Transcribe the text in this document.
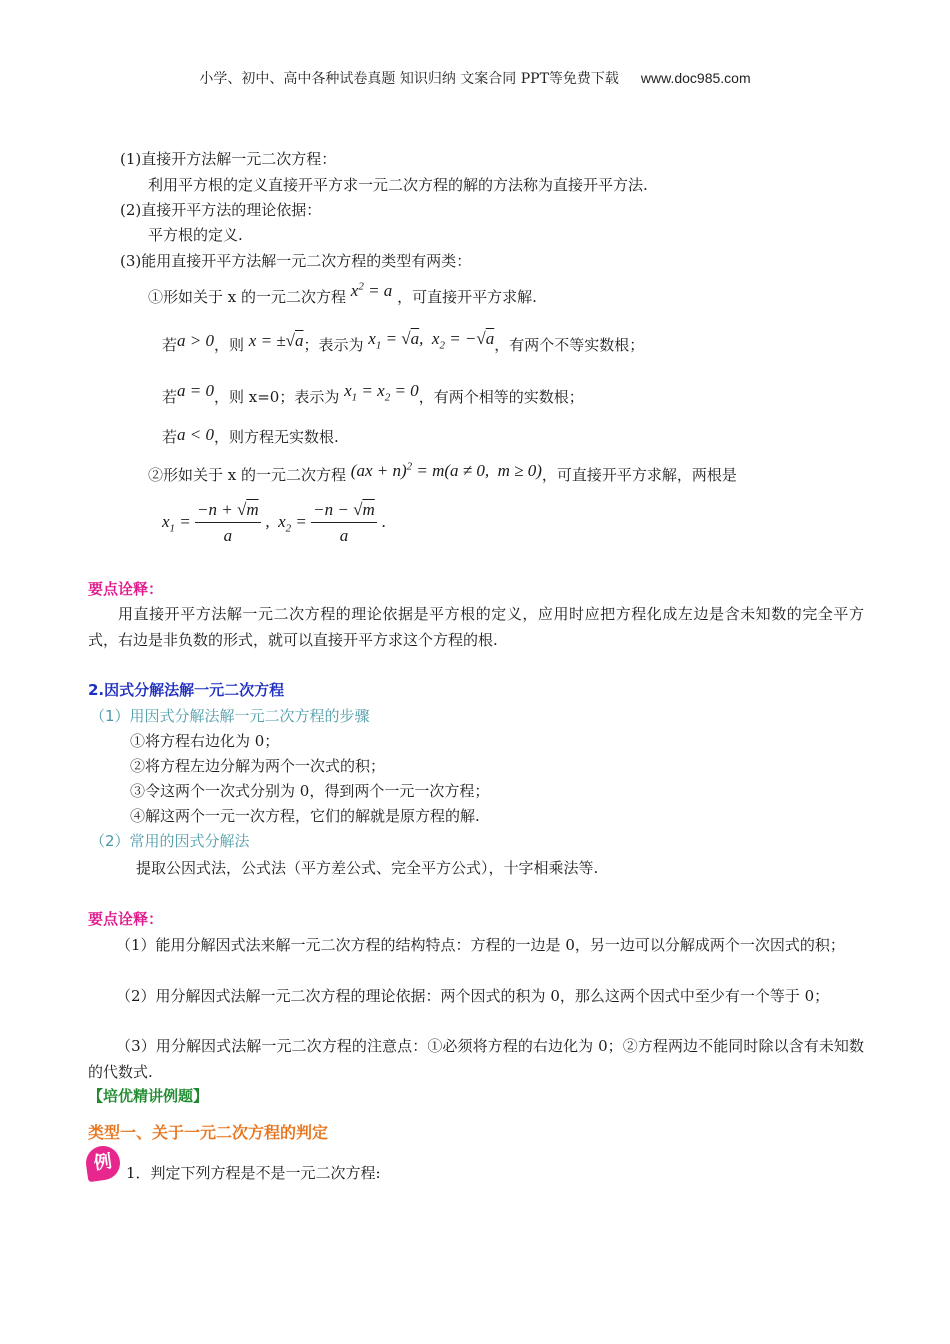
小学、初中、高中各种试卷真题 知识归纳 文案合同 PPT等免费下载 www.doc985.com
(1)直接开方法解一元二次方程：
利用平方根的定义直接开平方求一元二次方程的解的方法称为直接开平方法.
(2)直接开平方法的理论依据：
平方根的定义.
(3)能用直接开平方法解一元二次方程的类型有两类：
①形如关于 x 的一元二次方程 $x^2 = a$ ，可直接开平方求解.
若a > 0，则 x = ±√a；表示为 $x_1 = √a$,  $x_2 = -√a$，有两个不等实数根；
若a = 0，则 x=0；表示为 $x_1 = x_2 = 0$，有两个相等的实数根；
若a < 0，则方程无实数根.
②形如关于 x 的一元二次方程 (ax + n)$^2$ = m(a ≠ 0,  m ≥ 0)，可直接开平方求解，两根是
$x_1 = \frac{-n + √m}{a}$ ,  $x_2 = \frac{-n - √m}{a}$ .
要点诠释：
用直接开平方法解一元二次方程的理论依据是平方根的定义，应用时应把方程化成左边是含未知数的完全平方式，右边是非负数的形式，就可以直接开平方求这个方程的根.
2.因式分解法解一元二次方程
（1）用因式分解法解一元二次方程的步骤
①将方程右边化为 0；
②将方程左边分解为两个一次式的积；
③令这两个一次式分别为 0，得到两个一元一次方程；
④解这两个一元一次方程，它们的解就是原方程的解.
（2）常用的因式分解法
提取公因式法，公式法（平方差公式、完全平方公式），十字相乘法等.
要点诠释：
（1）能用分解因式法来解一元二次方程的结构特点：方程的一边是 0，另一边可以分解成两个一次因式的积；
（2）用分解因式法解一元二次方程的理论依据：两个因式的积为 0，那么这两个因式中至少有一个等于 0；
（3）用分解因式法解一元二次方程的注意点：①必须将方程的右边化为 0；②方程两边不能同时除以含有未知数的代数式.
【培优精讲例题】
类型一、关于一元二次方程的判定
例 1．判定下列方程是不是一元二次方程:
